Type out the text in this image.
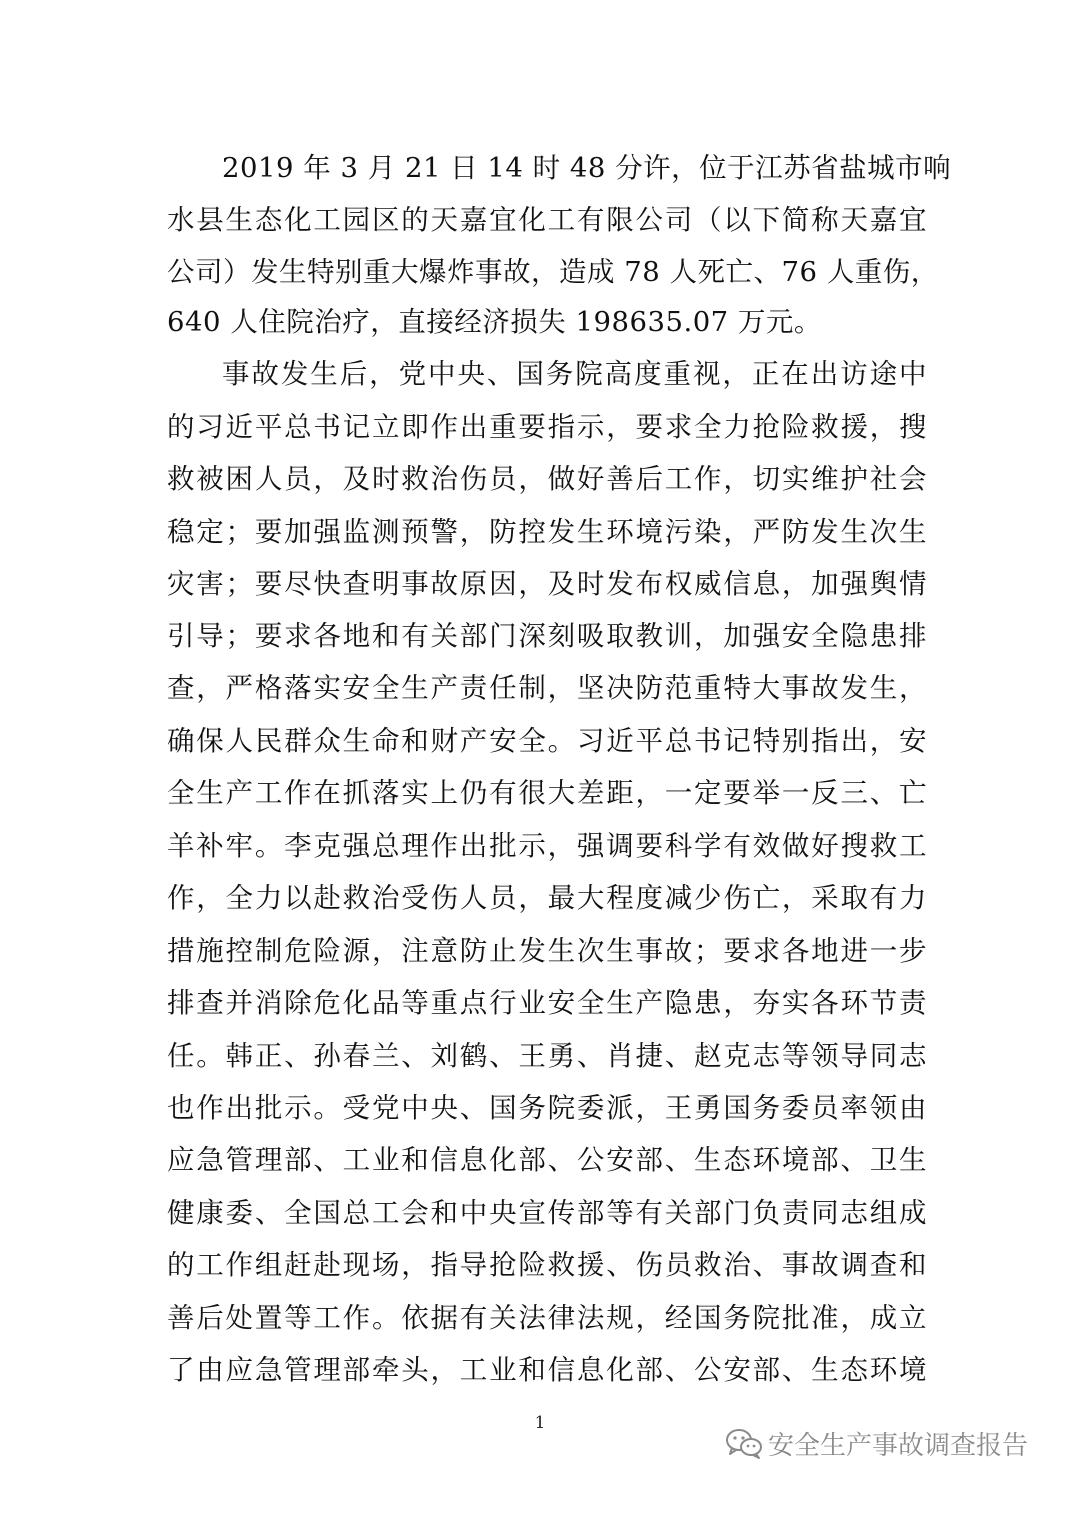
2019 年 3 月 21 日 14 时 48 分许，位于江苏省盐城市响
水县生态化工园区的天嘉宜化工有限公司（以下简称天嘉宜
公司）发生特别重大爆炸事故，造成 78 人死亡、76 人重伤，
640 人住院治疗，直接经济损失 198635.07 万元。
事故发生后，党中央、国务院高度重视，正在出访途中
的习近平总书记立即作出重要指示，要求全力抢险救援，搜
救被困人员，及时救治伤员，做好善后工作，切实维护社会
稳定；要加强监测预警，防控发生环境污染，严防发生次生
灾害；要尽快查明事故原因，及时发布权威信息，加强舆情
引导；要求各地和有关部门深刻吸取教训，加强安全隐患排
查，严格落实安全生产责任制，坚决防范重特大事故发生，
确保人民群众生命和财产安全。习近平总书记特别指出，安
全生产工作在抓落实上仍有很大差距，一定要举一反三、亡
羊补牢。李克强总理作出批示，强调要科学有效做好搜救工
作，全力以赴救治受伤人员，最大程度减少伤亡，采取有力
措施控制危险源，注意防止发生次生事故；要求各地进一步
排查并消除危化品等重点行业安全生产隐患，夯实各环节责
任。韩正、孙春兰、刘鹤、王勇、肖捷、赵克志等领导同志
也作出批示。受党中央、国务院委派，王勇国务委员率领由
应急管理部、工业和信息化部、公安部、生态环境部、卫生
健康委、全国总工会和中央宣传部等有关部门负责同志组成
的工作组赶赴现场，指导抢险救援、伤员救治、事故调查和
善后处置等工作。依据有关法律法规，经国务院批准，成立
了由应急管理部牵头，工业和信息化部、公安部、生态环境
1
安全生产事故调查报告
